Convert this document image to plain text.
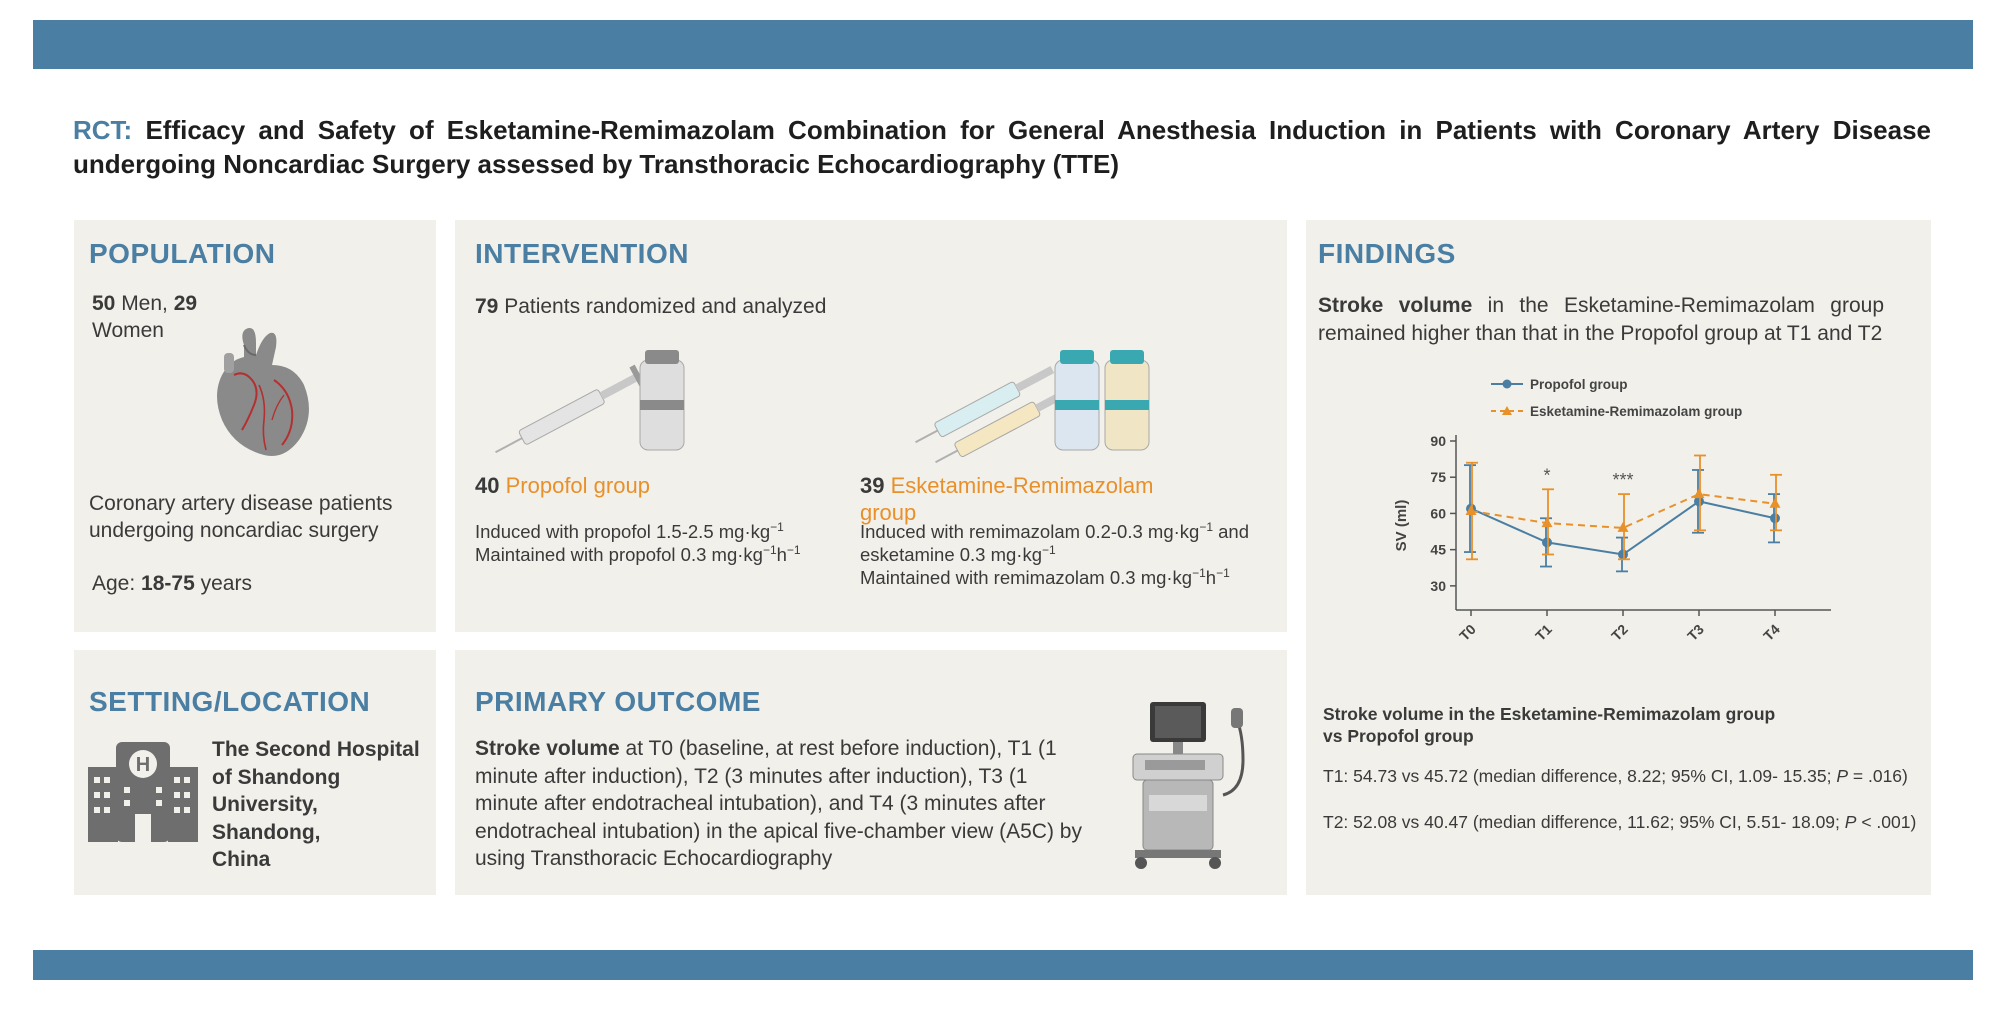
RCT: Efficacy and Safety of Esketamine-Remimazolam Combination for General Anesthesia Induction in Patients with Coronary Artery Disease undergoing Noncardiac Surgery assessed by Transthoracic Echocardiography (TTE)
POPULATION
50 Men, 29
Women
Coronary artery disease patients undergoing noncardiac surgery
Age: 18-75 years
INTERVENTION
79 Patients randomized and analyzed
40 Propofol group
Induced with propofol 1.5-2.5 $mg\cdot kg^{-1}$
Maintained with propofol 0.3 $mg\cdot kg^{-1}h^{-1}$
39 Esketamine-Remimazolam group
Induced with remimazolam 0.2-0.3 $mg\cdot kg^{-1}$ and
esketamine 0.3 $mg\cdot kg^{-1}$
Maintained with remimazolam 0.3 $mg\cdot kg^{-1}h^{-1}$
SETTING/LOCATION
H
The Second Hospital
of Shandong
University,
Shandong,
China
PRIMARY OUTCOME
Stroke volume at T0 (baseline, at rest before induction), T1 (1 minute after induction), T2 (3 minutes after induction), T3 (1 minute after endotracheal intubation), and T4 (3 minutes after endotracheal intubation) in the apical five-chamber view (A5C) by using Transthoracic Echocardiography
FINDINGS
Stroke volume in the Esketamine-Remimazolam group remained higher than that in the Propofol group at T1 and T2
30
45
60
75
90
SV (ml)
T0	T1	T2	T3	T4
*	***
Propofol group
Esketamine-Remimazolam group
Stroke volume in the Esketamine-Remimazolam group
vs Propofol group
T1: 54.73 vs 45.72 (median difference, 8.22; 95% CI, 1.09- 15.35; P = .016)
T2: 52.08 vs 40.47 (median difference, 11.62; 95% CI, 5.51- 18.09; P < .001)
